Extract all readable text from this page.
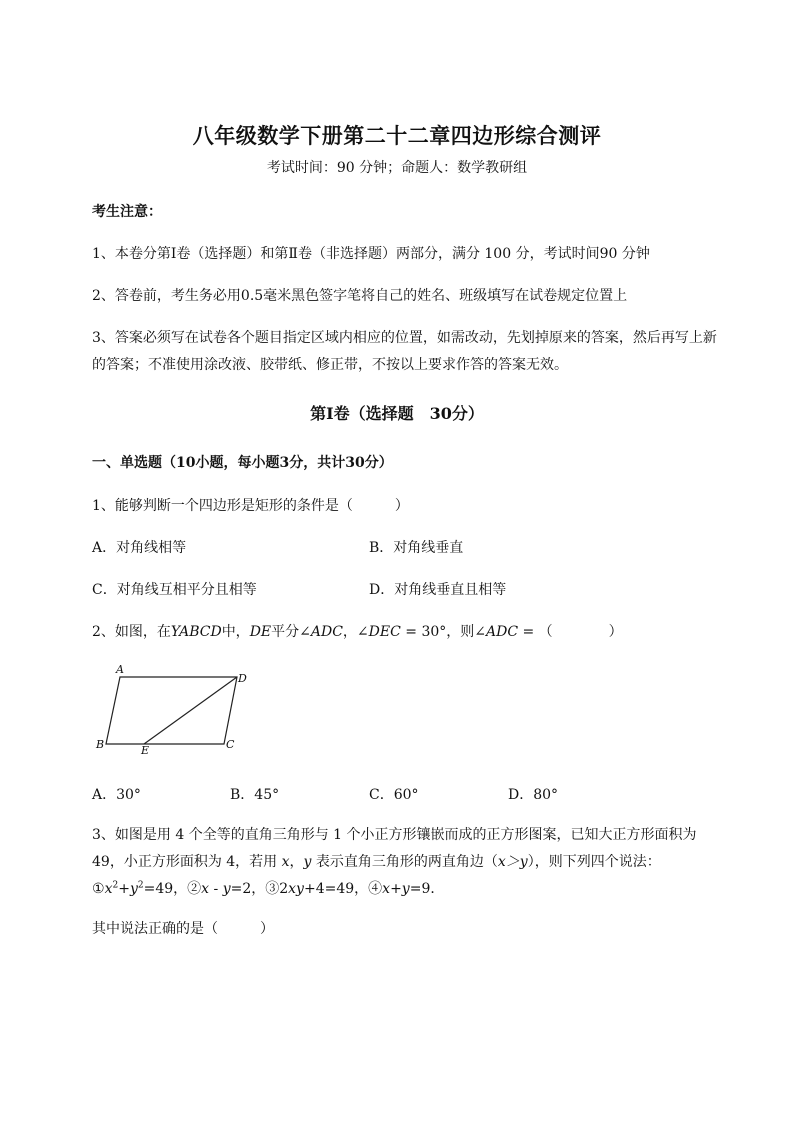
八年级数学下册第二十二章四边形综合测评
考试时间：90 分钟；命题人：数学教研组
考生注意：
1、本卷分第Ⅰ卷（选择题）和第Ⅱ卷（非选择题）两部分，满分 100 分，考试时间90 分钟
2、答卷前，考生务必用0.5毫米黑色签字笔将自己的姓名、班级填写在试卷规定位置上
3、答案必须写在试卷各个题目指定区域内相应的位置，如需改动，先划掉原来的答案，然后再写上新
的答案；不准使用涂改液、胶带纸、修正带，不按以上要求作答的答案无效。
第Ⅰ卷（选择题　30分）
一、单选题（10小题，每小题3分，共计30分）
1、能够判断一个四边形是矩形的条件是（　　　）
A．对角线相等	B．对角线垂直
C．对角线互相平分且相等	D．对角线垂直且相等
2、如图，在YABCD中，DE平分∠ADC，∠DEC = 30°，则∠ADC = （　　　　）
A
D
B	E	C
A．30°	B．45°	C．60°	D．80°
3、如图是用 4 个全等的直角三角形与 1 个小正方形镶嵌而成的正方形图案，已知大正方形面积为
49，小正方形面积为 4，若用 x，y 表示直角三角形的两直角边（x＞y），则下列四个说法：
$①x^2+y^2=49$，②x - y=2，③2xy+4=49，④x+y=9．
其中说法正确的是（　　　）
